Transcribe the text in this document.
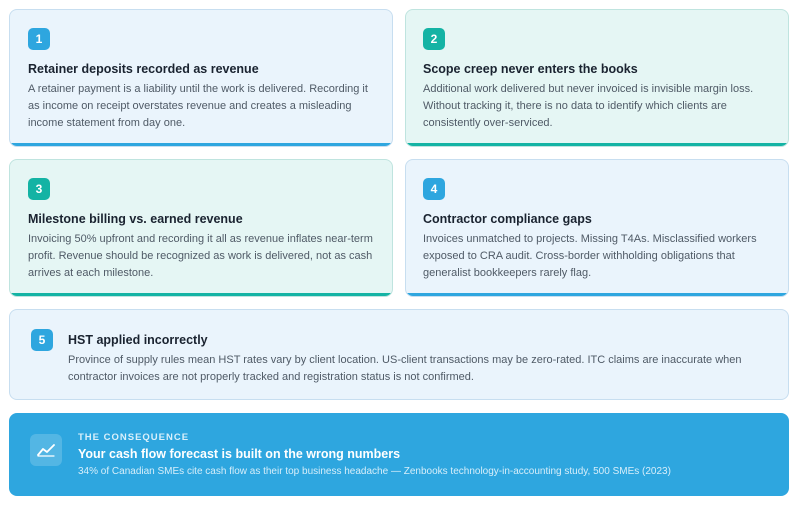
1
Retainer deposits recorded as revenue
A retainer payment is a liability until the work is delivered. Recording it as income on receipt overstates revenue and creates a misleading income statement from day one.
2
Scope creep never enters the books
Additional work delivered but never invoiced is invisible margin loss. Without tracking it, there is no data to identify which clients are consistently over-serviced.
3
Milestone billing vs. earned revenue
Invoicing 50% upfront and recording it all as revenue inflates near-term profit. Revenue should be recognized as work is delivered, not as cash arrives at each milestone.
4
Contractor compliance gaps
Invoices unmatched to projects. Missing T4As. Misclassified workers exposed to CRA audit. Cross-border withholding obligations that generalist bookkeepers rarely flag.
5	HST applied incorrectly
Province of supply rules mean HST rates vary by client location. US-client transactions may be zero-rated. ITC claims are inaccurate when contractor invoices are not properly tracked and registration status is not confirmed.
THE CONSEQUENCE
Your cash flow forecast is built on the wrong numbers
34% of Canadian SMEs cite cash flow as their top business headache — Zenbooks technology-in-accounting study, 500 SMEs (2023)
